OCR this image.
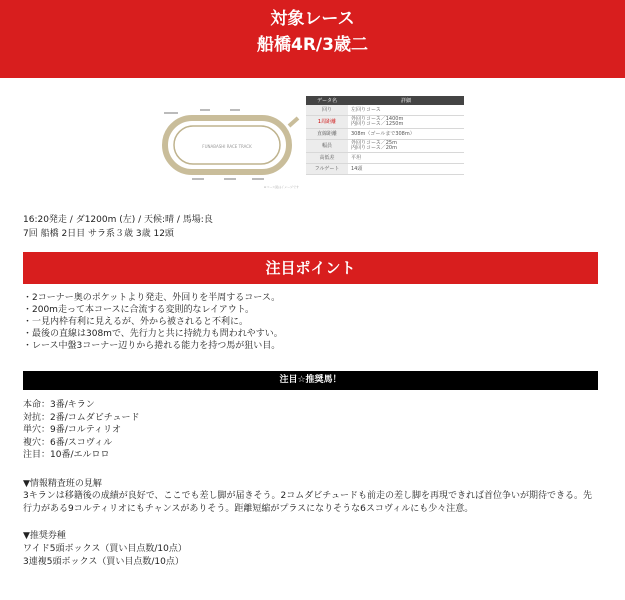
対象レース
船橋4R/3歳二
FUNABASHI RACE TRACK
※コース図はイメージです
データ名	詳細
回り	左回りコース
1周距離	外回りコース／1400m
内回りコース／1250m
直線距離	308m（ゴールまで308m）
幅員	外回りコース／25m
内回りコース／20m
高低差	平坦
フルゲート	14頭
16:20発走 / ダ1200m (左) / 天候:晴 / 馬場:良
7回 船橋 2日目 サラ系３歳 3歳 12頭
注目ポイント
・2コーナー奥のポケットより発走、外回りを半周するコース。
・200m走って本コースに合流する変則的なレイアウト。
・一見内枠有利に見えるが、外から被されると不利に。
・最後の直線は308mで、先行力と共に持続力も問われやすい。
・レース中盤3コーナー辺りから捲れる能力を持つ馬が狙い目。
注目☆推奨馬！
本命：3番/キラン
対抗：2番/コムダビチュード
単穴：9番/コルティリオ
複穴：6番/スコヴィル
注目：10番/エルロロ
▼情報精査班の見解
3キランは移籍後の成績が良好で、ここでも差し脚が届きそう。2コムダビチュードも前走の差し脚を再現できれば首位争いが期待できる。先行力がある9コルティリオにもチャンスがありそう。距離短縮がプラスになりそうな6スコヴィルにも少々注意。
▼推奨券種
ワイド5頭ボックス（買い目点数/10点）
3連複5頭ボックス（買い目点数/10点）
